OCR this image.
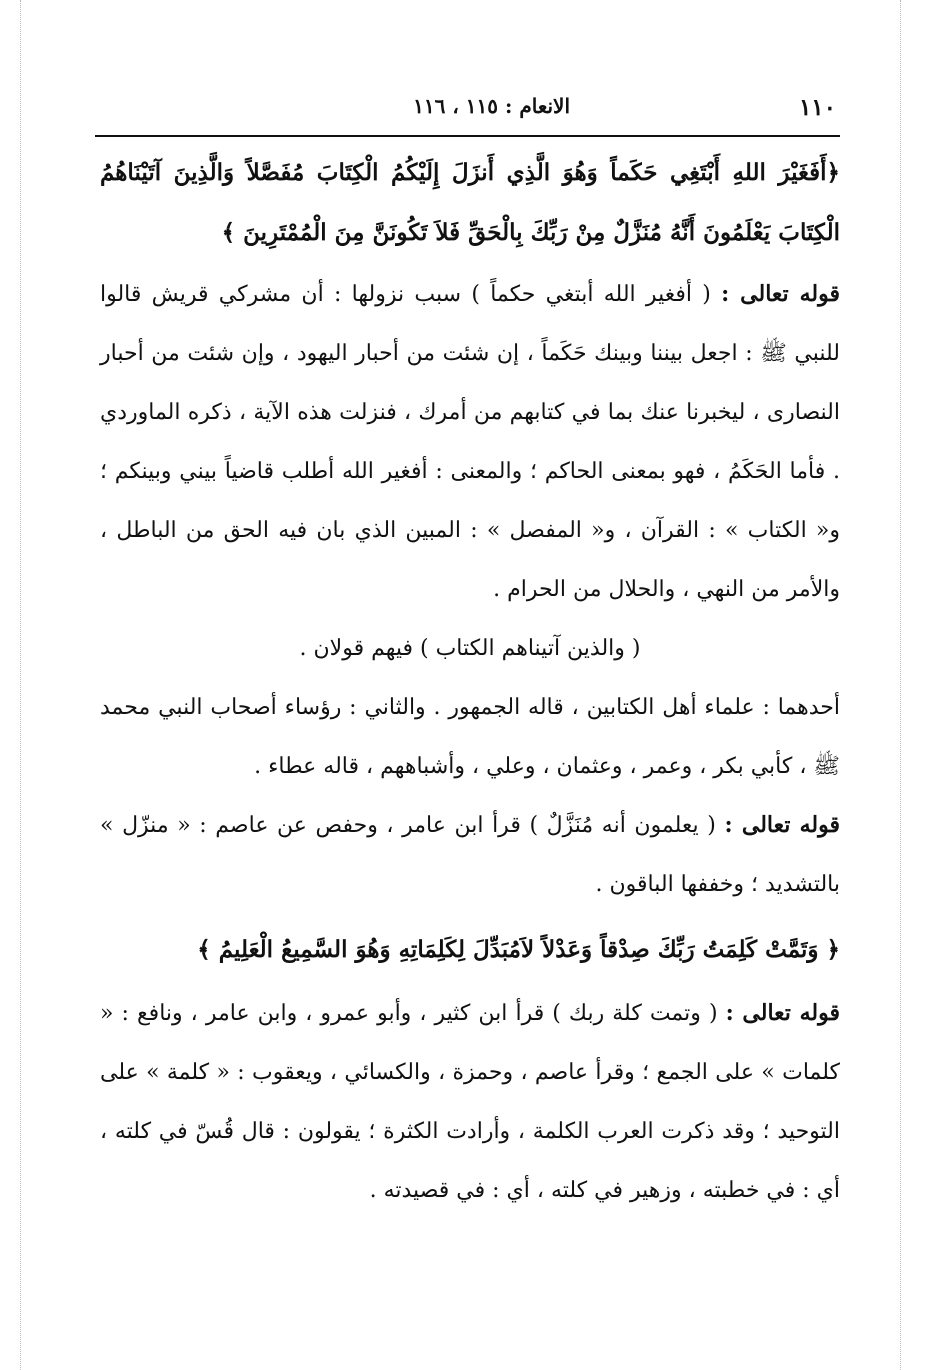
١١٠
الانعام : ١١٥ ، ١١٦

﴿أَفَغَيْرَ اللهِ أَبْتَغِي حَكَماً وَهُوَ الَّذِي أَنزَلَ إِلَيْكُمُ الْكِتَابَ مُفَصَّلاً وَالَّذِينَ آتَيْنَاهُمُ الْكِتَابَ يَعْلَمُونَ أَنَّهُ مُنَزَّلٌ مِنْ رَبِّكَ بِالْحَقِّ فَلاَ تَكُونَنَّ مِنَ الْمُمْتَرِينَ ﴾

قوله تعالى : ( أفغير الله أبتغي حكماً ) سبب نزولها : أن مشركي قريش قالوا للنبي ﷺ : اجعل بيننا وبينك حَكَماً ، إن شئت من أحبار اليهود ، وإن شئت من أحبار النصارى ، ليخبرنا عنك بما في كتابهم من أمرك ، فنزلت هذه الآية ، ذكره الماوردي . فأما الحَكَمُ ، فهو بمعنى الحاكم ؛ والمعنى : أفغير الله أطلب قاضياً بيني وبينكم ؛ و« الكتاب » : القرآن ، و« المفصل » : المبين الذي بان فيه الحق من الباطل ، والأمر من النهي ، والحلال من الحرام .

( والذين آتيناهم الكتاب ) فيهم قولان .

أحدهما : علماء أهل الكتابين ، قاله الجمهور . والثاني : رؤساء أصحاب النبي محمد ﷺ ، كأبي بكر ، وعمر ، وعثمان ، وعلي ، وأشباههم ، قاله عطاء .

قوله تعالى : ( يعلمون أنه مُنَزَّلٌ ) قرأ ابن عامر ، وحفص عن عاصم : « منزّل » بالتشديد ؛ وخففها الباقون .

﴿ وَتَمَّتْ كَلِمَتُ رَبِّكَ صِدْقاً وَعَدْلاً لاَمُبَدِّلَ لِكَلِمَاتِهِ وَهُوَ السَّمِيعُ الْعَلِيمُ ﴾

قوله تعالى : ( وتمت كلة ربك ) قرأ ابن كثير ، وأبو عمرو ، وابن عامر ، ونافع : « كلمات » على الجمع ؛ وقرأ عاصم ، وحمزة ، والكسائي ، ويعقوب : « كلمة » على التوحيد ؛ وقد ذكرت العرب الكلمة ، وأرادت الكثرة ؛ يقولون : قال قُسّ في كلته ، أي : في خطبته ، وزهير في كلته ، أي : في قصيدته .
